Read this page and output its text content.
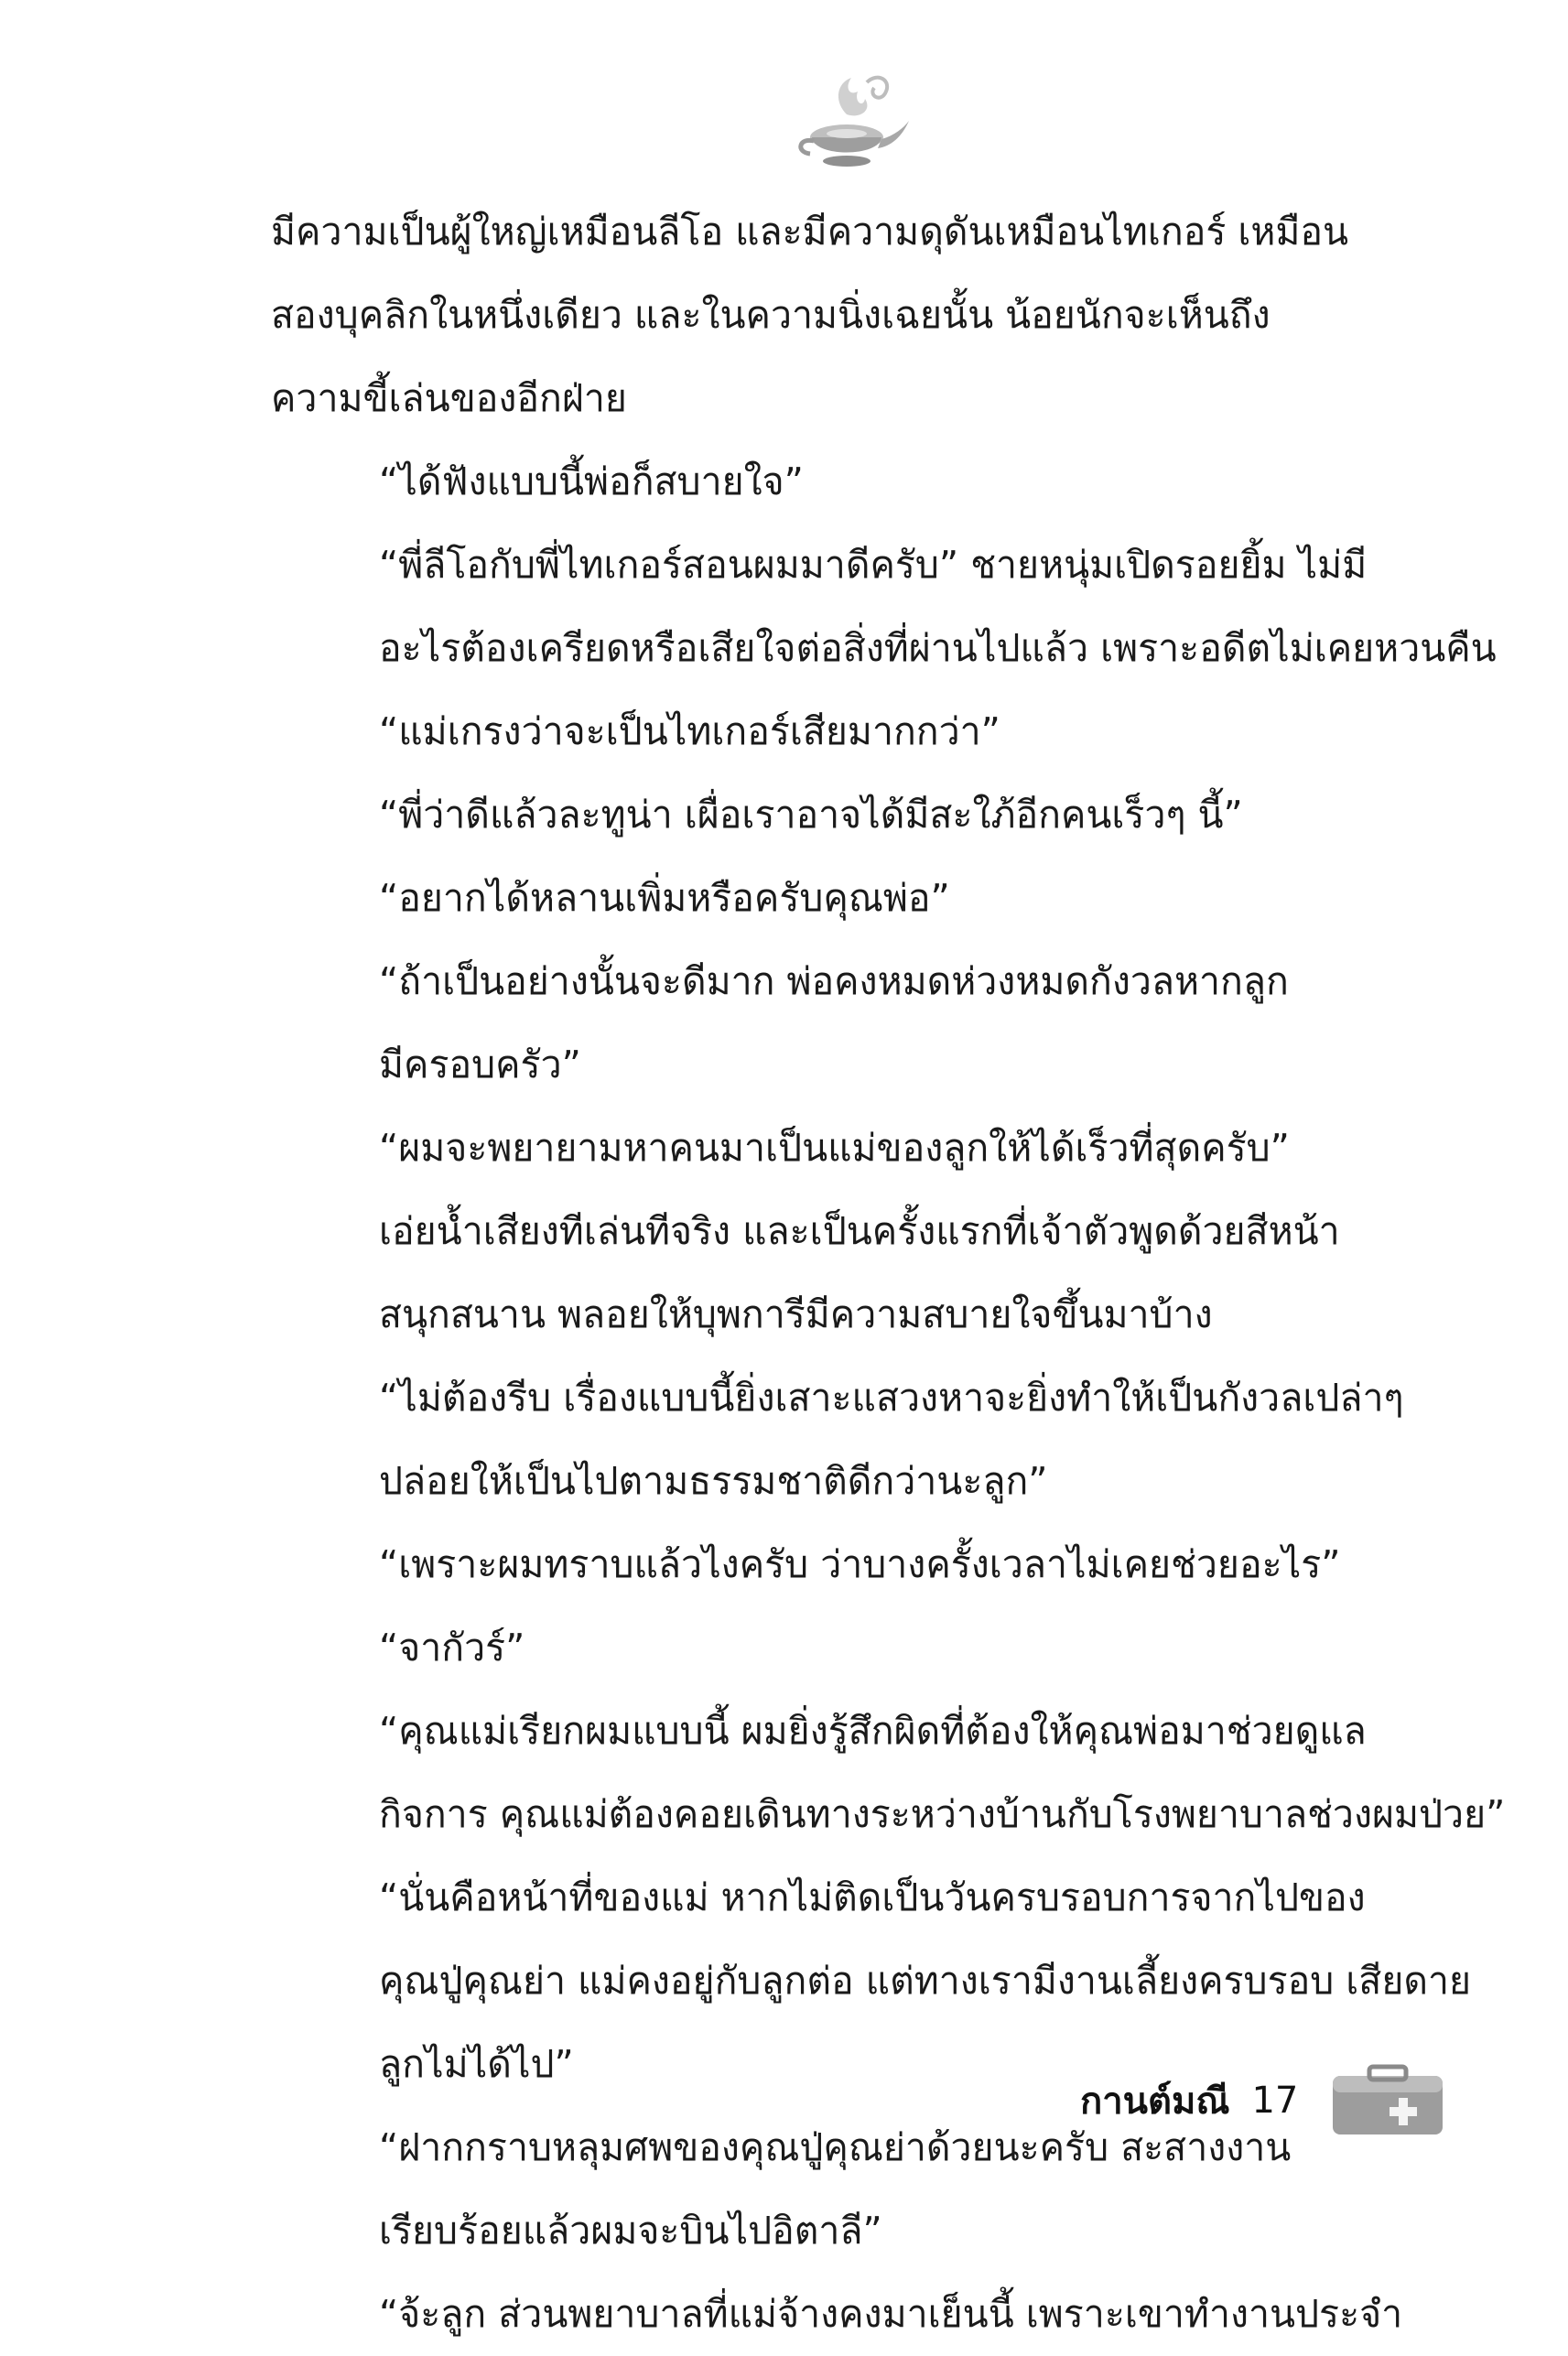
มีความเป็นผู้ใหญ่เหมือนลีโอ และมีความดุดันเหมือนไทเกอร์ เหมือน
สองบุคลิกในหนึ่งเดียว และในความนิ่งเฉยนั้น น้อยนักจะเห็นถึง
ความขี้เล่นของอีกฝ่าย

“ได้ฟังแบบนี้พ่อก็สบายใจ”

“พี่ลีโอกับพี่ไทเกอร์สอนผมมาดีครับ” ชายหนุ่มเปิดรอยยิ้ม ไม่มี
อะไรต้องเครียดหรือเสียใจต่อสิ่งที่ผ่านไปแล้ว เพราะอดีตไม่เคยหวนคืน

“แม่เกรงว่าจะเป็นไทเกอร์เสียมากกว่า”

“พี่ว่าดีแล้วละทูน่า เผื่อเราอาจได้มีสะใภ้อีกคนเร็วๆ นี้”

“อยากได้หลานเพิ่มหรือครับคุณพ่อ”

“ถ้าเป็นอย่างนั้นจะดีมาก พ่อคงหมดห่วงหมดกังวลหากลูก
มีครอบครัว”

“ผมจะพยายามหาคนมาเป็นแม่ของลูกให้ได้เร็วที่สุดครับ”

เอ่ยน้ำเสียงทีเล่นทีจริง และเป็นครั้งแรกที่เจ้าตัวพูดด้วยสีหน้า
สนุกสนาน พลอยให้บุพการีมีความสบายใจขึ้นมาบ้าง

“ไม่ต้องรีบ เรื่องแบบนี้ยิ่งเสาะแสวงหาจะยิ่งทำให้เป็นกังวลเปล่าๆ
ปล่อยให้เป็นไปตามธรรมชาติดีกว่านะลูก”

“เพราะผมทราบแล้วไงครับ ว่าบางครั้งเวลาไม่เคยช่วยอะไร”

“จากัวร์”

“คุณแม่เรียกผมแบบนี้ ผมยิ่งรู้สึกผิดที่ต้องให้คุณพ่อมาช่วยดูแล
กิจการ คุณแม่ต้องคอยเดินทางระหว่างบ้านกับโรงพยาบาลช่วงผมป่วย”

“นั่นคือหน้าที่ของแม่ หากไม่ติดเป็นวันครบรอบการจากไปของ
คุณปู่คุณย่า แม่คงอยู่กับลูกต่อ แต่ทางเรามีงานเลี้ยงครบรอบ เสียดาย
ลูกไม่ได้ไป”

“ฝากกราบหลุมศพของคุณปู่คุณย่าด้วยนะครับ สะสางงาน
เรียบร้อยแล้วผมจะบินไปอิตาลี”

“จ้ะลูก ส่วนพยาบาลที่แม่จ้างคงมาเย็นนี้ เพราะเขาทำงานประจำ

กานต์มณี 17
